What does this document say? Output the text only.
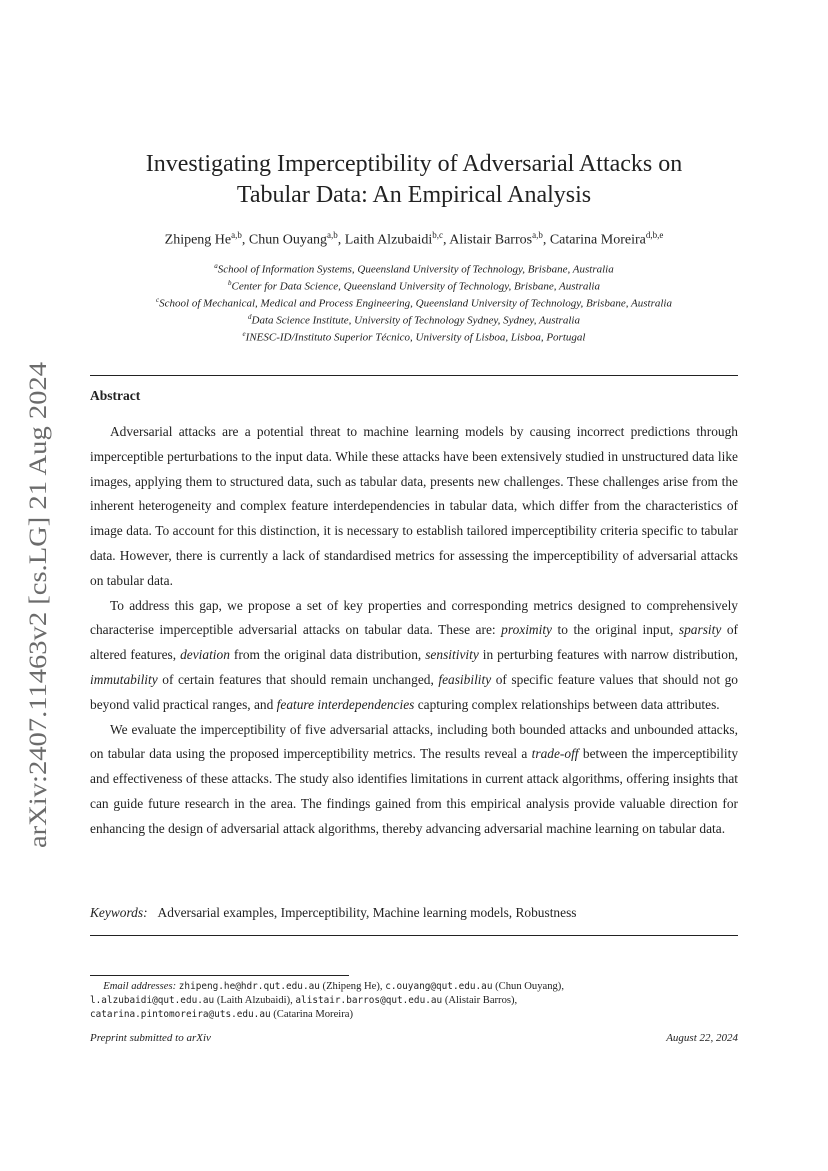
arXiv:2407.11463v2 [cs.LG] 21 Aug 2024
Investigating Imperceptibility of Adversarial Attacks on
Tabular Data: An Empirical Analysis
Zhipeng He$^{a,b}$, Chun Ouyang$^{a,b}$, Laith Alzubaidi$^{b,c}$, Alistair Barros$^{a,b}$, Catarina Moreira$^{d,b,e}$
$^a$School of Information Systems, Queensland University of Technology, Brisbane, Australia
$^b$Center for Data Science, Queensland University of Technology, Brisbane, Australia
$^c$School of Mechanical, Medical and Process Engineering, Queensland University of Technology, Brisbane, Australia
$^d$Data Science Institute, University of Technology Sydney, Sydney, Australia
$^e$INESC-ID/Instituto Superior Técnico, University of Lisboa, Lisboa, Portugal
Abstract

Adversarial attacks are a potential threat to machine learning models by causing incorrect predictions through imperceptible perturbations to the input data. While these attacks have been extensively studied in unstructured data like images, applying them to structured data, such as tabular data, presents new challenges. These challenges arise from the inherent heterogeneity and complex feature interdependencies in tabular data, which differ from the characteristics of image data. To account for this distinction, it is necessary to establish tailored imperceptibility criteria specific to tabular data. However, there is currently a lack of standardised metrics for assessing the imperceptibility of adversarial attacks on tabular data.

To address this gap, we propose a set of key properties and corresponding metrics designed to comprehensively characterise imperceptible adversarial attacks on tabular data. These are: proximity to the original input, sparsity of altered features, deviation from the original data distribution, sensitivity in perturbing features with narrow distribution, immutability of certain features that should remain unchanged, feasibility of specific feature values that should not go beyond valid practical ranges, and feature interdependencies capturing complex relationships between data attributes.

We evaluate the imperceptibility of five adversarial attacks, including both bounded attacks and unbounded attacks, on tabular data using the proposed imperceptibility metrics. The results reveal a trade-off between the imperceptibility and effectiveness of these attacks. The study also identifies limitations in current attack algorithms, offering insights that can guide future research in the area. The findings gained from this empirical analysis provide valuable direction for enhancing the design of adversarial attack algorithms, thereby advancing adversarial machine learning on tabular data.

Keywords: Adversarial examples, Imperceptibility, Machine learning models, Robustness
Email addresses: zhipeng.he@hdr.qut.edu.au (Zhipeng He), c.ouyang@qut.edu.au (Chun Ouyang),
l.alzubaidi@qut.edu.au (Laith Alzubaidi), alistair.barros@qut.edu.au (Alistair Barros),
catarina.pintomoreira@uts.edu.au (Catarina Moreira)
Preprint submitted to arXiv	August 22, 2024
